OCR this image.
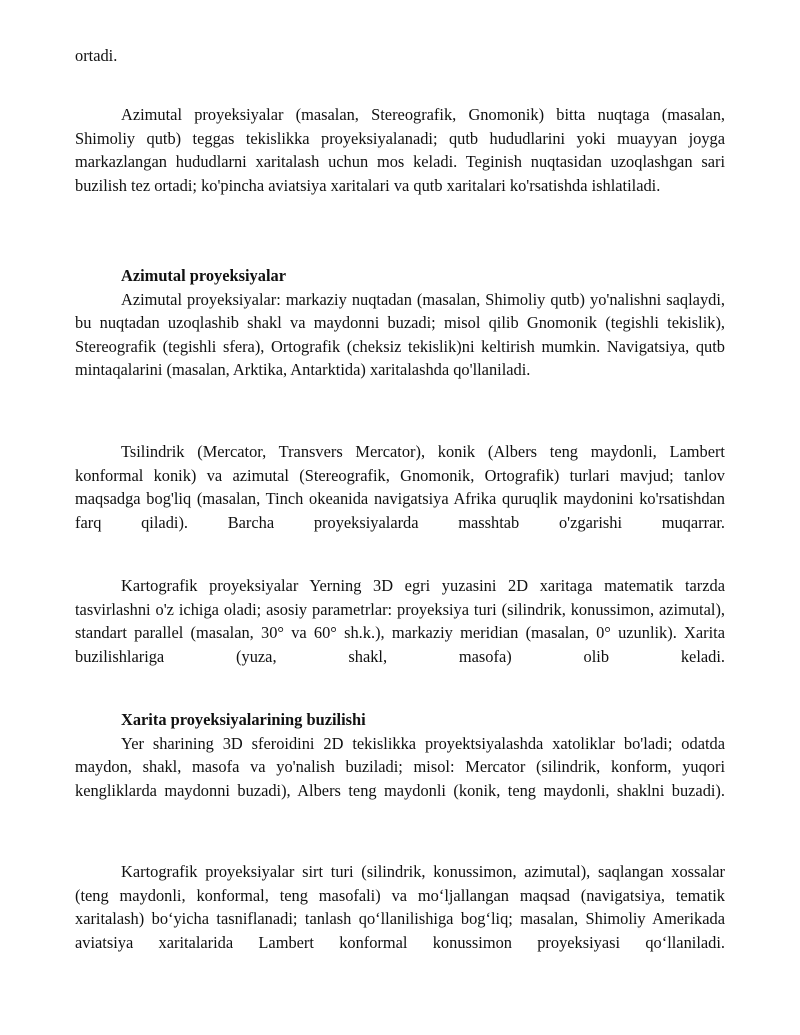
ortadi.

Azimutal proyeksiyalar (masalan, Stereografik, Gnomonik) bitta nuqtaga (masalan, Shimoliy qutb) teggas tekislikka proyeksiyalanadi; qutb hududlarini yoki muayyan joyga markazlangan hududlarni xaritalash uchun mos keladi. Teginish nuqtasidan uzoqlashgan sari buzilish tez ortadi; ko'pincha aviatsiya xaritalari va qutb xaritalari ko'rsatishda ishlatiladi.

Azimutal proyeksiyalar

Azimutal proyeksiyalar: markaziy nuqtadan (masalan, Shimoliy qutb) yo'nalishni saqlaydi, bu nuqtadan uzoqlashib shakl va maydonni buzadi; misol qilib Gnomonik (tegishli tekislik), Stereografik (tegishli sfera), Ortografik (cheksiz tekislik)ni keltirish mumkin. Navigatsiya, qutb mintaqalarini (masalan, Arktika, Antarktida) xaritalashda qo'llaniladi.

Tsilindrik (Mercator, Transvers Mercator), konik (Albers teng maydonli, Lambert konformal konik) va azimutal (Stereografik, Gnomonik, Ortografik) turlari mavjud; tanlov maqsadga bog'liq (masalan, Tinch okeanida navigatsiya Afrika quruqlik maydonini ko'rsatishdan farq qiladi). Barcha proyeksiyalarda masshtab o'zgarishi muqarrar.

Kartografik proyeksiyalar Yerning 3D egri yuzasini 2D xaritaga matematik tarzda tasvirlashni o'z ichiga oladi; asosiy parametrlar: proyeksiya turi (silindrik, konussimon, azimutal), standart parallel (masalan, 30° va 60° sh.k.), markaziy meridian (masalan, 0° uzunlik). Xarita buzilishlariga (yuza, shakl, masofa) olib keladi.

Xarita proyeksiyalarining buzilishi

Yer sharining 3D sferoidini 2D tekislikka proyektsiyalashda xatoliklar bo'ladi; odatda maydon, shakl, masofa va yo'nalish buziladi; misol: Mercator (silindrik, konform, yuqori kengliklarda maydonni buzadi), Albers teng maydonli (konik, teng maydonli, shaklni buzadi).

Kartografik proyeksiyalar sirt turi (silindrik, konussimon, azimutal), saqlangan xossalar (teng maydonli, konformal, teng masofali) va mo‘ljallangan maqsad (navigatsiya, tematik xaritalash) bo‘yicha tasniflanadi; tanlash qo‘llanilishiga bog‘liq; masalan, Shimoliy Amerikada aviatsiya xaritalarida Lambert konformal konussimon proyeksiyasi qo‘llaniladi.
